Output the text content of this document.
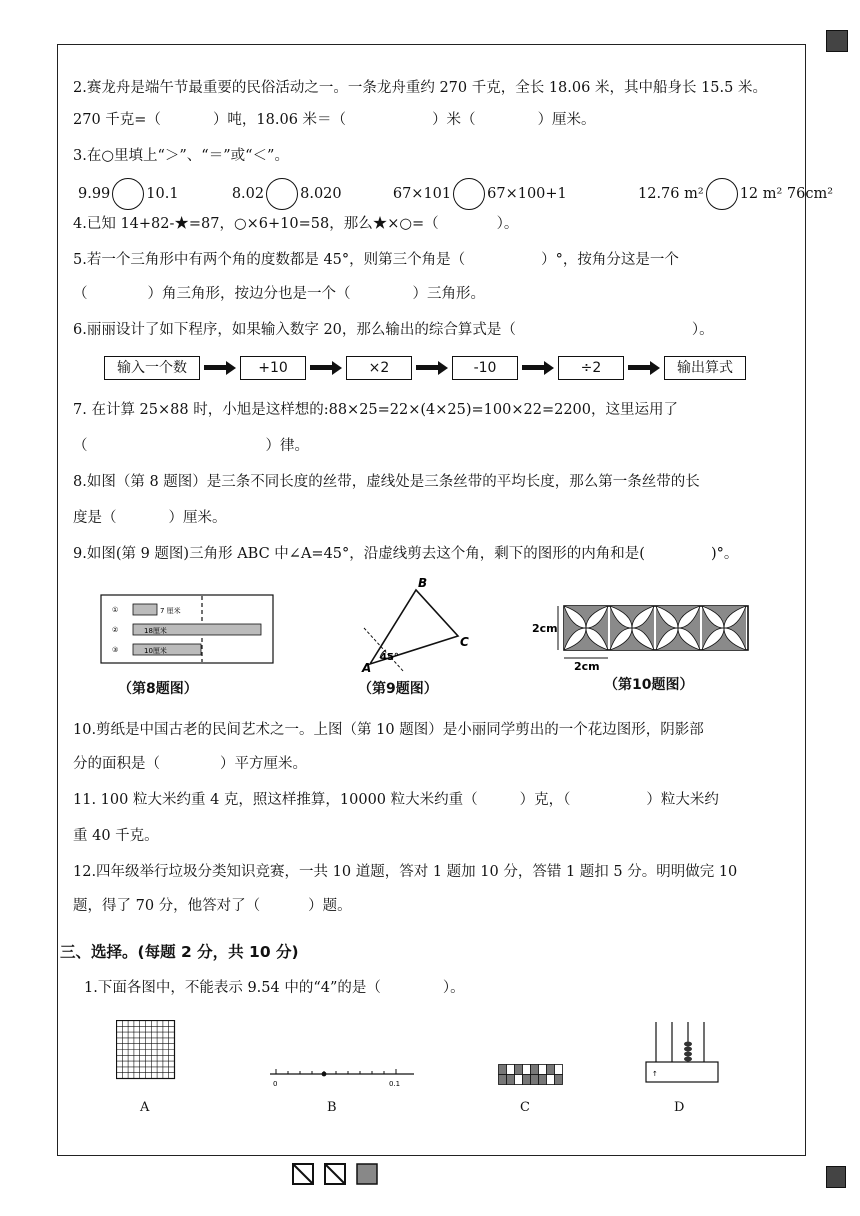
2.赛龙舟是端午节最重要的民俗活动之一。一条龙舟重约 270 千克，全长 18.06 米，其中船身长 15.5 米。
270 千克=（	）吨，18.06 米＝（	）米（	）厘米。
3.在○里填上“＞”、“＝”或“＜”。
9.99 10.1	8.02 8.020	67×101 67×100+1	12.76 m² 12 m² 76cm²
4.已知 14+82-★=87，○×6+10=58，那么★×○=（	）。
5.若一个三角形中有两个角的度数都是 45°，则第三个角是（	）°，按角分这是一个
（	）角三角形，按边分也是一个（	）三角形。
6.丽丽设计了如下程序，如果输入数字 20，那么输出的综合算式是（	）。
输入一个数	+10	×2	-10	÷2	输出算式
7. 在计算 25×88 时，小旭是这样想的:88×25=22×(4×25)=100×22=2200，这里运用了
（	）律。
8.如图（第 8 题图）是三条不同长度的丝带，虚线处是三条丝带的平均长度，那么第一条丝带的长
度是（	）厘米。
9.如图(第 9 题图)三角形 ABC 中∠A=45°，沿虚线剪去这个角，剩下的图形的内角和是(	)°。
①	7 厘米
②	18厘米
③	10厘米
（第8题图）
A
B
C
45°
（第9题图）
2cm
2cm
（第10题图）
10.剪纸是中国古老的民间艺术之一。上图（第 10 题图）是小丽同学剪出的一个花边图形，阴影部
分的面积是（	）平方厘米。
11. 100 粒大米约重 4 克，照这样推算，10000 粒大米约重（	）克，（	）粒大米约
重 40 千克。
12.四年级举行垃圾分类知识竞赛，一共 10 道题，答对 1 题加 10 分，答错 1 题扣 5 分。明明做完 10
题，得了 70 分，他答对了（	）题。
三、选择。(每题 2 分，共 10 分)
1.下面各图中，不能表示 9.54 中的“4”的是（	）。
A
0	0.1
B	C
↑
D
